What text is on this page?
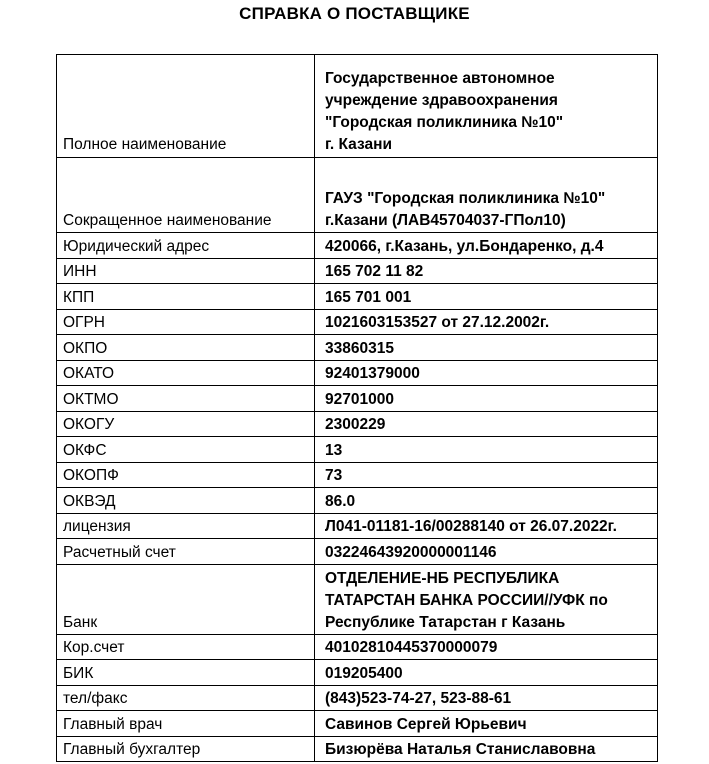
СПРАВКА О ПОСТАВЩИКЕ
Полное наименование	Государственное автономное
учреждение здравоохранения
"Городская поликлиника №10"
г. Казани
Сокращенное наименование	ГАУЗ "Городская поликлиника №10"
г.Казани (ЛАВ45704037-ГПол10)
Юридический адрес	420066, г.Казань, ул.Бондаренко, д.4
ИНН	165 702 11 82
КПП	165 701 001
ОГРН	1021603153527 от 27.12.2002г.
ОКПО	33860315
ОКАТО	92401379000
ОКТМО	92701000
ОКОГУ	2300229
ОКФС	13
ОКОПФ	73
ОКВЭД	86.0
лицензия	Л041-01181-16/00288140 от 26.07.2022г.
Расчетный счет	03224643920000001146
Банк	ОТДЕЛЕНИЕ-НБ РЕСПУБЛИКА
ТАТАРСТАН БАНКА РОССИИ//УФК по
Республике Татарстан г Казань
Кор.счет	40102810445370000079
БИК	019205400
тел/факс	(843)523-74-27, 523-88-61
Главный врач	Савинов Сергей Юрьевич
Главный бухгалтер	Бизюрёва Наталья Станиславовна
